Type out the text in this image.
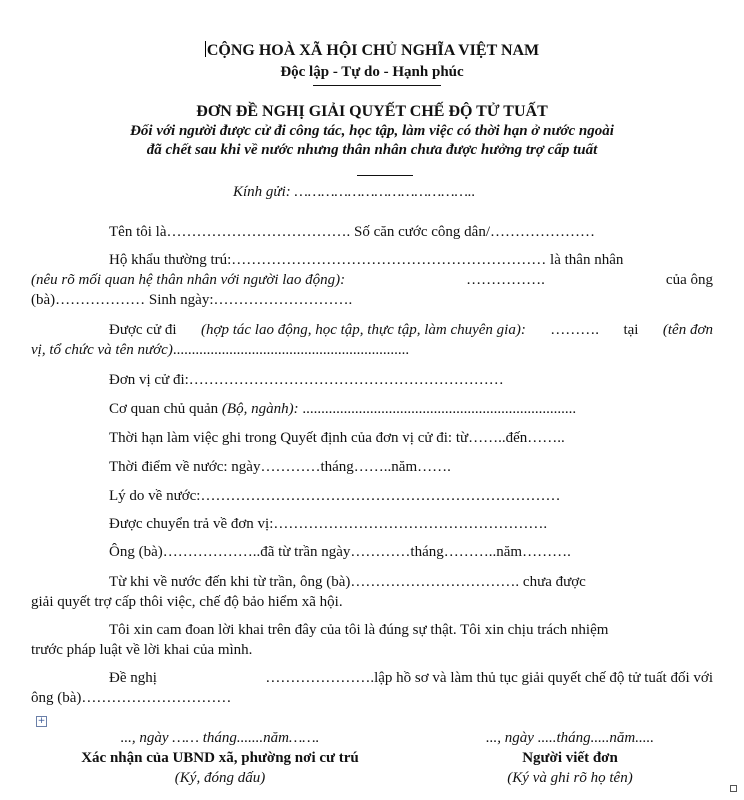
CỘNG HOÀ XÃ HỘI CHỦ NGHĨA VIỆT NAM
Độc lập - Tự do - Hạnh phúc
ĐƠN ĐỀ NGHỊ GIẢI QUYẾT CHẾ ĐỘ TỬ TUẤT
Đối với người được cử đi công tác, học tập, làm việc có thời hạn ở nước ngoài
đã chết sau khi về nước nhưng thân nhân chưa được hưởng trợ cấp tuất
Kính gửi: …………………………………..
Tên tôi là………………………………. Số căn cước công dân/…………………
Hộ khẩu thường trú:……………………………………………………… là thân nhân
(nêu rõ mối quan hệ thân nhân với người lao động):	…………….	của ông
(bà)……………… Sinh ngày:……………………….
Được cử đi (hợp tác lao động, học tập, thực tập, làm chuyên gia): ………. tại (tên đơn
vị, tổ chức và tên nước)...............................................................
Đơn vị cử đi:………………………………………………………
Cơ quan chủ quản (Bộ, ngành): .........................................................................
Thời hạn làm việc ghi trong Quyết định của đơn vị cử đi: từ……..đến……..
Thời điểm về nước: ngày…………tháng……..năm…….
Lý do về nước:………………………………………………………………
Được chuyển trả về đơn vị:……………………………………………….
Ông (bà)………………..đã từ trần ngày…………tháng………..năm……….
Từ khi về nước đến khi từ trần, ông (bà)……………………………. chưa được
giải quyết trợ cấp thôi việc, chế độ bảo hiểm xã hội.
Tôi xin cam đoan lời khai trên đây của tôi là đúng sự thật. Tôi xin chịu trách nhiệm
trước pháp luật về lời khai của mình.
Đề nghị	………………….lập hồ sơ và làm thủ tục giải quyết chế độ tử tuất đối với
ông (bà)…………………………
+
..., ngày …… tháng.......năm…….
Xác nhận của UBND xã, phường nơi cư trú
(Ký, đóng dấu)
..., ngày .....tháng.....năm.....
Người viết đơn
(Ký và ghi rõ họ tên)
